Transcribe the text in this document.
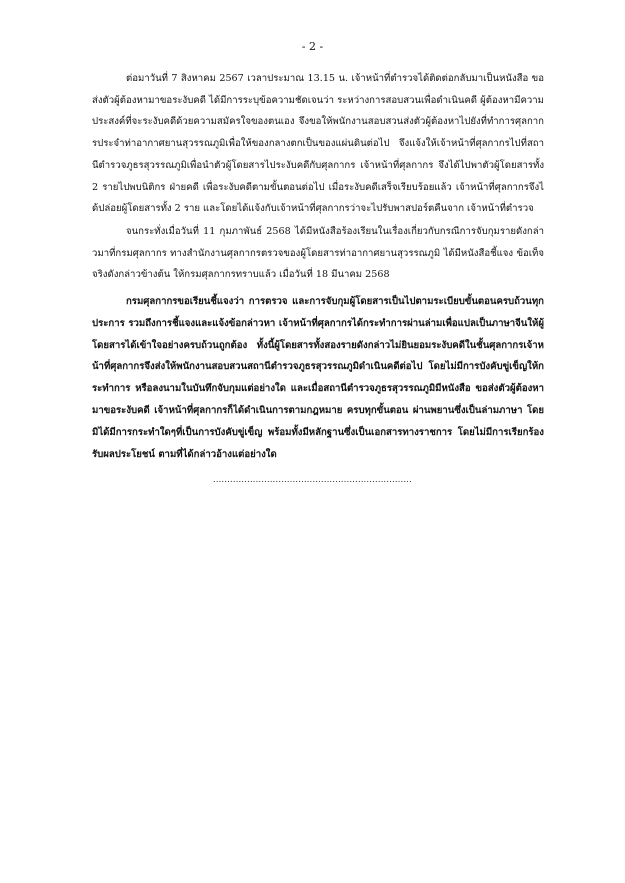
- 2 -

ต่อมาวันที่ 7 สิงหาคม 2567 เวลาประมาณ 13.15 น. เจ้าหน้าที่ตำรวจได้ติดต่อกลับมาเป็นหนังสือ ขอส่งตัวผู้ต้องหามาขอระงับคดี ได้มีการระบุข้อความชัดเจนว่า ระหว่างการสอบสวนเพื่อดำเนินคดี ผู้ต้องหามีความประสงค์ที่จะระงับคดีด้วยความสมัครใจของตนเอง จึงขอให้พนักงานสอบสวนส่งตัวผู้ต้องหาไปยังที่ทำการศุลกากรประจำท่าอากาศยานสุวรรณภูมิเพื่อให้ของกลางตกเป็นของแผ่นดินต่อไป จึงแจ้งให้เจ้าหน้าที่ศุลกากรไปที่สถานีตำรวจภูธรสุวรรณภูมิเพื่อนำตัวผู้โดยสารไประงับคดีกับศุลกากร เจ้าหน้าที่ศุลกากร จึงได้ไปพาตัวผู้โดยสารทั้ง 2 รายไปพบนิติกร ฝ่ายคดี เพื่อระงับคดีตามขั้นตอนต่อไป เมื่อระงับคดีเสร็จเรียบร้อยแล้ว เจ้าหน้าที่ศุลกากรจึงได้ปล่อยผู้โดยสารทั้ง 2 ราย และโดยได้แจ้งกับเจ้าหน้าที่ศุลกากรว่าจะไปรับพาสปอร์ตคืนจาก เจ้าหน้าที่ตำรวจ

จนกระทั่งเมื่อวันที่ 11 กุมภาพันธ์ 2568 ได้มีหนังสือร้องเรียนในเรื่องเกี่ยวกับกรณีการจับกุมรายดังกล่าวมาที่กรมศุลกากร ทางสำนักงานศุลกากรตรวจของผู้โดยสารท่าอากาศยานสุวรรณภูมิ ได้มีหนังสือชี้แจง ข้อเท็จจริงดังกล่าวข้างต้น ให้กรมศุลกากรทราบแล้ว เมื่อวันที่ 18 มีนาคม 2568

กรมศุลกากรขอเรียนชี้แจงว่า การตรวจ และการจับกุมผู้โดยสารเป็นไปตามระเบียบขั้นตอนครบถ้วนทุกประการ รวมถึงการชี้แจงและแจ้งข้อกล่าวหา เจ้าหน้าที่ศุลกากรได้กระทำการผ่านล่ามเพื่อแปลเป็นภาษาจีนให้ผู้โดยสารได้เข้าใจอย่างครบถ้วนถูกต้อง ทั้งนี้ผู้โดยสารทั้งสองรายดังกล่าวไม่ยินยอมระงับคดีในชั้นศุลกากรเจ้าหน้าที่ศุลกากรจึงส่งให้พนักงานสอบสวนสถานีตำรวจภูธรสุวรรณภูมิดำเนินคดีต่อไป โดยไม่มีการบังคับขู่เข็ญให้กระทำการ หรือลงนามในบันทึกจับกุมแต่อย่างใด และเมื่อสถานีตำรวจภูธรสุวรรณภูมิมีหนังสือ ขอส่งตัวผู้ต้องหามาขอระงับคดี เจ้าหน้าที่ศุลกากรก็ได้ดำเนินการตามกฎหมาย ครบทุกขั้นตอน ผ่านพยานซึ่งเป็นล่ามภาษา โดยมิได้มีการกระทำใดๆที่เป็นการบังคับขู่เข็ญ พร้อมทั้งมีหลักฐานซึ่งเป็นเอกสารทางราชการ โดยไม่มีการเรียกร้องรับผลประโยชน์ ตามที่ได้กล่าวอ้างแต่อย่างใด

......................................................................
